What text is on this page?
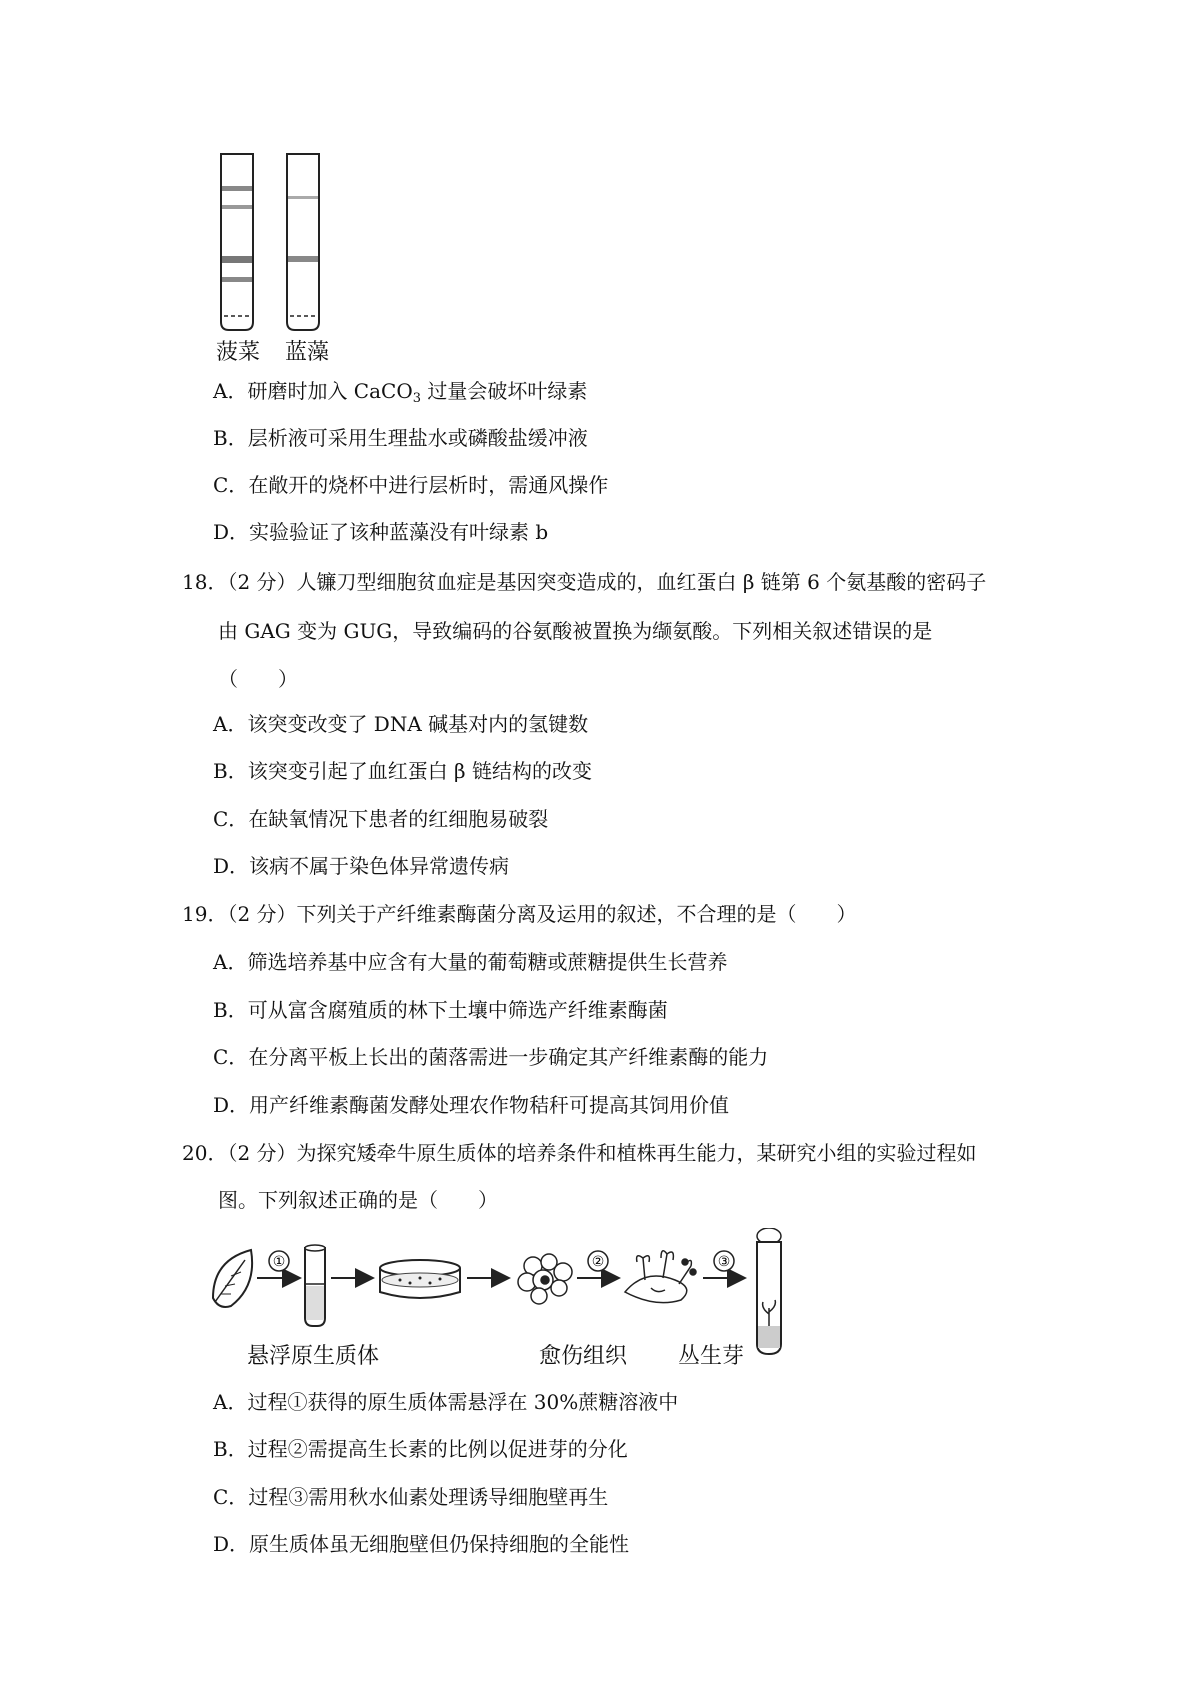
菠菜 蓝藻
A．研磨时加入 CaCO$_3$ 过量会破坏叶绿素
B．层析液可采用生理盐水或磷酸盐缓冲液
C．在敞开的烧杯中进行层析时，需通风操作
D．实验验证了该种蓝藻没有叶绿素 b
18．（2 分）人镰刀型细胞贫血症是基因突变造成的，血红蛋白 β 链第 6 个氨基酸的密码子
由 GAG 变为 GUG，导致编码的谷氨酸被置换为缬氨酸。下列相关叙述错误的是
（　　）
A．该突变改变了 DNA 碱基对内的氢键数
B．该突变引起了血红蛋白 β 链结构的改变
C．在缺氧情况下患者的红细胞易破裂
D．该病不属于染色体异常遗传病
19．（2 分）下列关于产纤维素酶菌分离及运用的叙述，不合理的是（　　）
A．筛选培养基中应含有大量的葡萄糖或蔗糖提供生长营养
B．可从富含腐殖质的林下土壤中筛选产纤维素酶菌
C．在分离平板上长出的菌落需进一步确定其产纤维素酶的能力
D．用产纤维素酶菌发酵处理农作物秸秆可提高其饲用价值
20．（2 分）为探究矮牵牛原生质体的培养条件和植株再生能力，某研究小组的实验过程如
图。下列叙述正确的是（　　）
①	②	③
悬浮原生质体	愈伤组织 丛生芽
A．过程①获得的原生质体需悬浮在 30%蔗糖溶液中
B．过程②需提高生长素的比例以促进芽的分化
C．过程③需用秋水仙素处理诱导细胞壁再生
D．原生质体虽无细胞壁但仍保持细胞的全能性
